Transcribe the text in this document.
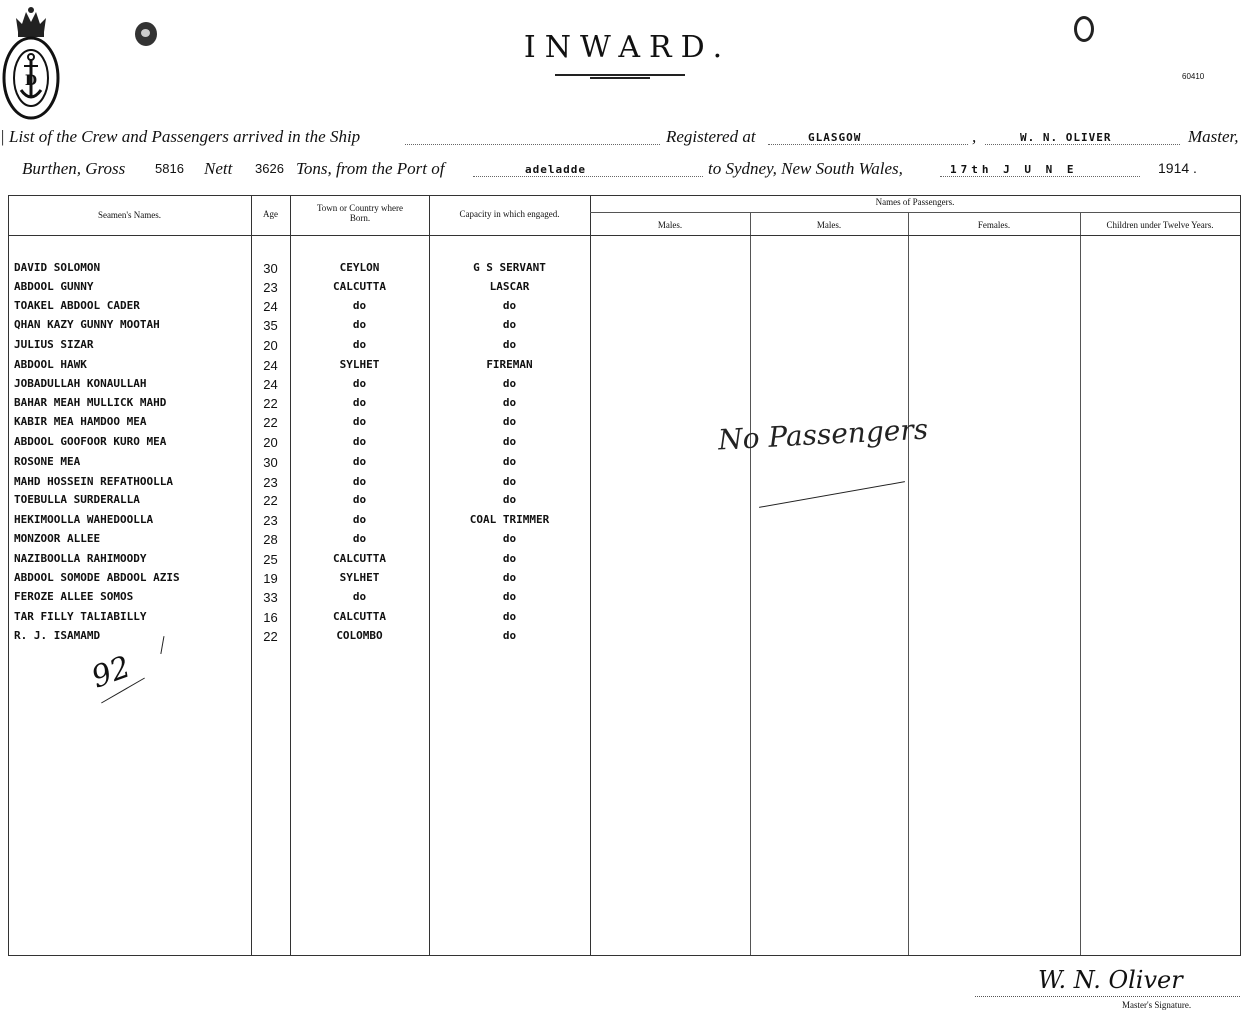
D
INWARD.
60410
| List of the Crew and Passengers arrived in the Ship	Registered at	GLASGOW	,	W. N. OLIVER	Master,
Burthen, Gross 5816 Nett 3626 Tons, from the Port of	adeladde	to Sydney, New South Wales,	17th J U N E	1914 .
Seamen's Names.	Age
Town or Country where Born.	Capacity in which engaged.
Names of Passengers.
Males.	Males.	Females.	Children under Twelve Years.
DAVID SOLOMON	30	CEYLON	G S SERVANT
ABDOOL GUNNY	23	CALCUTTA	LASCAR
TOAKEL ABDOOL CADER	24	do	do
QHAN KAZY GUNNY MOOTAH	35	do	do
JULIUS SIZAR	20	do	do
ABDOOL HAWK	24	SYLHET	FIREMAN
JOBADULLAH KONAULLAH	24	do	do
BAHAR MEAH MULLICK MAHD	22	do	do
KABIR MEA HAMDOO MEA	22	do	do
ABDOOL GOOFOOR KURO MEA	20	do	do
ROSONE MEA	30	do	do
MAHD HOSSEIN REFATHOOLLA	23	do	do
TOEBULLA SURDERALLA	22	do	do
HEKIMOOLLA WAHEDOOLLA	23	do	COAL TRIMMER
MONZOOR ALLEE	28	do	do
NAZIBOOLLA RAHIMOODY	25	CALCUTTA	do
ABDOOL SOMODE ABDOOL AZIS	19	SYLHET	do
FEROZE ALLEE SOMOS	33	do	do
TAR FILLY TALIABILLY	16	CALCUTTA	do
R. J. ISAMAMD	22	COLOMBO	do
92
No Passengers
W. N. Oliver
Master's Signature.
